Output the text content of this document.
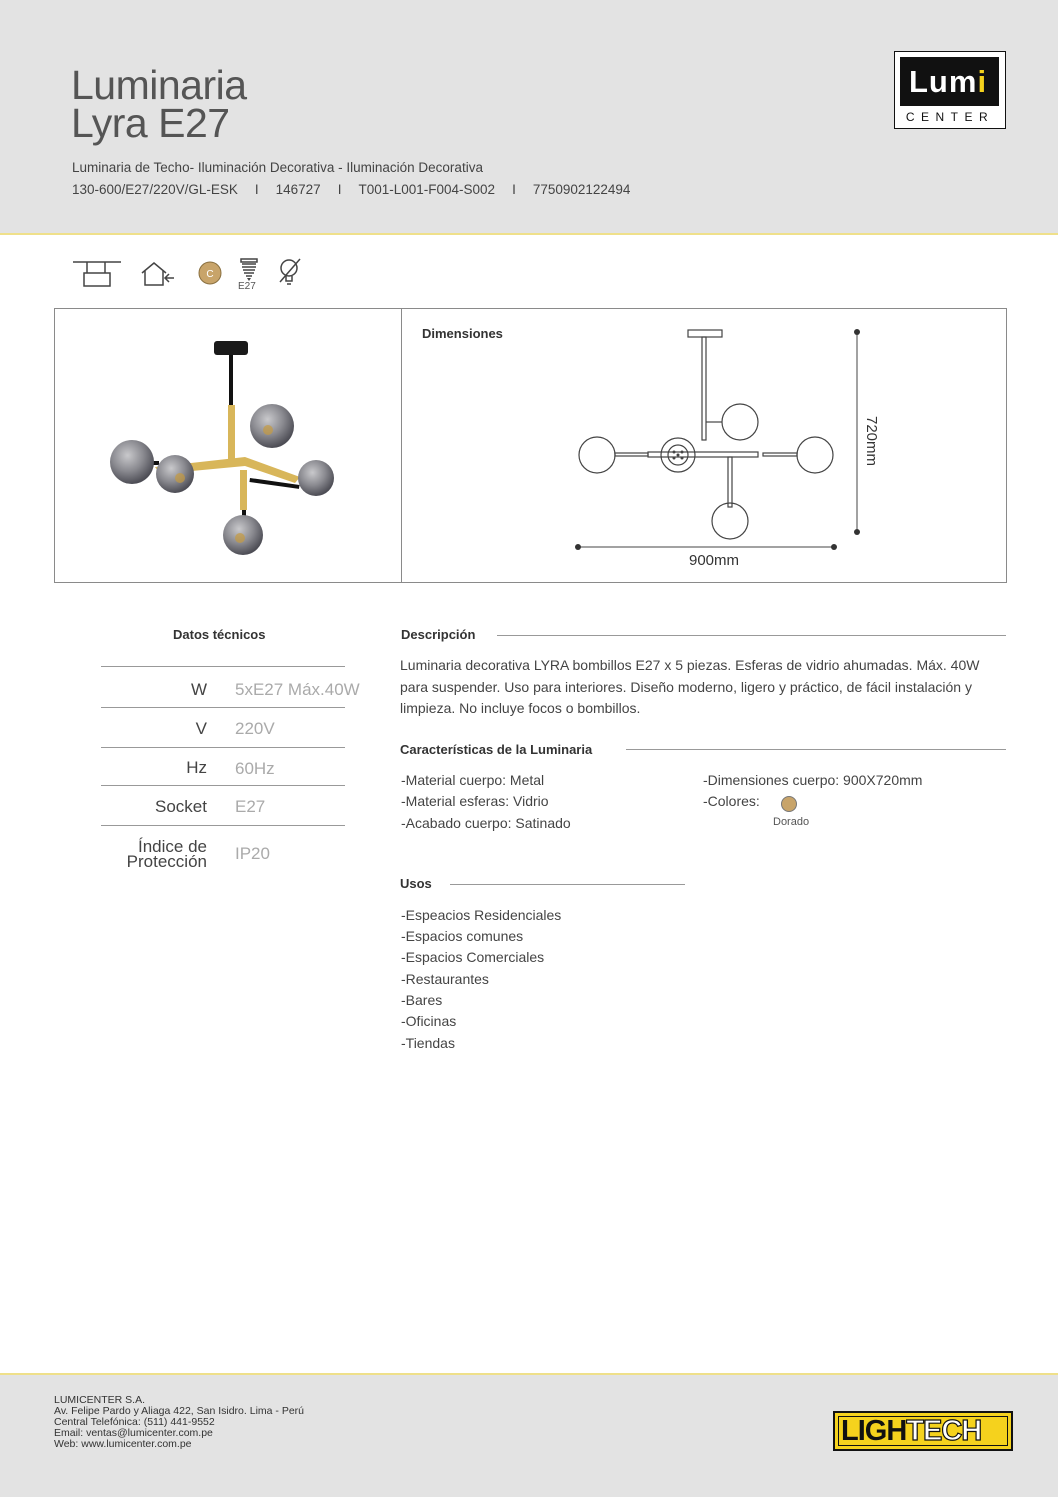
Luminaria
Lyra E27
Luminaria de Techo- Iluminación Decorativa - Iluminación Decorativa
130-600/E27/220V/GL-ESK I 146727 I T001-L001-F004-S002 I 7750902122494
Lumi
CENTER
C
E27
Dimensiones
900mm
720mm
Datos técnicos
W 5xE27 Máx.40W
V 220V
Hz 60Hz
Socket E27
Índice de
Protección IP20
Descripción
Luminaria decorativa LYRA bombillos E27 x 5 piezas. Esferas de vidrio ahumadas. Máx. 40W para suspender. Uso para interiores. Diseño moderno, ligero y práctico, de fácil instalación y limpieza. No incluye focos o bombillos.
Características de la Luminaria
-Material cuerpo: Metal
-Material esferas: Vidrio
-Acabado cuerpo: Satinado
-Dimensiones cuerpo: 900X720mm
-Colores:
Dorado
Usos
-Espeacios Residenciales
-Espacios comunes
-Espacios Comerciales
-Restaurantes
-Bares
-Oficinas
-Tiendas
LUMICENTER S.A.
Av. Felipe Pardo y Aliaga 422, San Isidro. Lima - Perú
Central Telefónica: (511) 441-9552
Email: ventas@lumicenter.com.pe
Web: www.lumicenter.com.pe	LIGHTECH
